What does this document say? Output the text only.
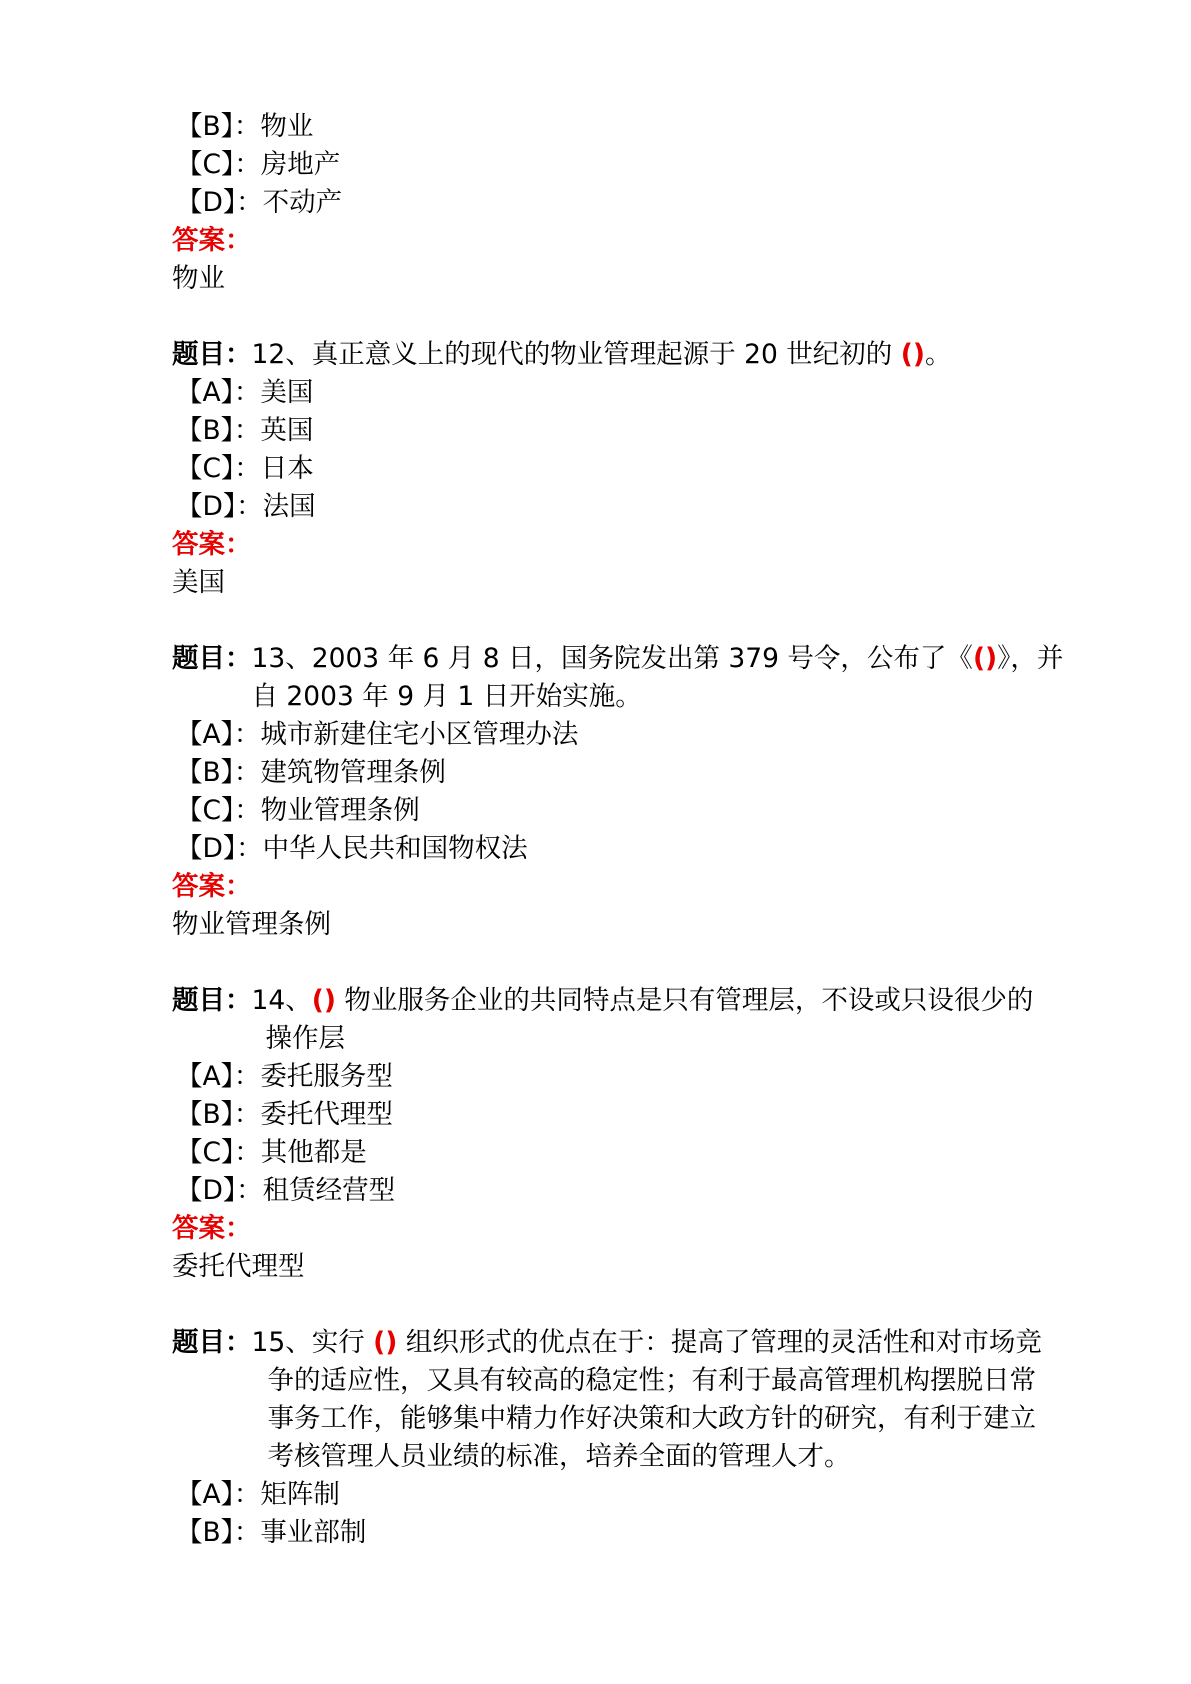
【B】：物业
【C】：房地产
【D】：不动产
答案：
物业
题目： 12、真正意义上的现代的物业管理起源于 20 世纪初的 ()。
【A】：美国
【B】：英国
【C】：日本
【D】：法国
答案：
美国
题目： 13、2003 年 6 月 8 日，国务院发出第 379 号令，公布了《()》，并
自 2003 年 9 月 1 日开始实施。
【A】：城市新建住宅小区管理办法
【B】：建筑物管理条例
【C】：物业管理条例
【D】：中华人民共和国物权法
答案：
物业管理条例
题目： 14、() 物业服务企业的共同特点是只有管理层，不设或只设很少的
操作层
【A】：委托服务型
【B】：委托代理型
【C】：其他都是
【D】：租赁经营型
答案：
委托代理型
题目： 15、实行 () 组织形式的优点在于：提高了管理的灵活性和对市场竞
争的适应性，又具有较高的稳定性；有利于最高管理机构摆脱日常
事务工作，能够集中精力作好决策和大政方针的研究，有利于建立
考核管理人员业绩的标准，培养全面的管理人才。
【A】：矩阵制
【B】：事业部制
